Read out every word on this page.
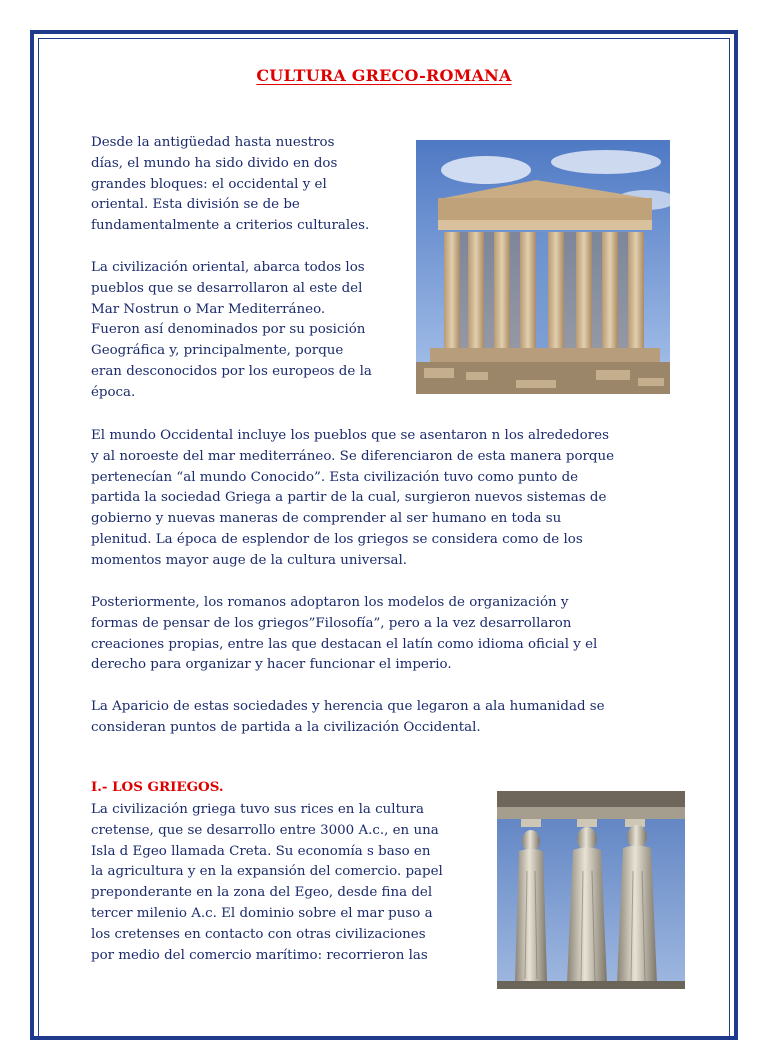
CULTURA GRECO-ROMANA

Desde la antigüedad hasta nuestros
días, el mundo ha sido divido en dos
grandes bloques: el occidental y el
oriental. Esta división se de be
fundamentalmente a criterios culturales.

La civilización oriental, abarca todos los
pueblos que se desarrollaron al este del
Mar Nostrun o Mar Mediterráneo.
Fueron así denominados por su posición
Geográfica y, principalmente, porque
eran desconocidos por los europeos de la
época.

El mundo Occidental incluye los pueblos que se asentaron n los alrededores
y al noroeste del mar mediterráneo. Se diferenciaron de esta manera porque
pertenecían “al mundo Conocido”. Esta civilización tuvo como punto de
partida la sociedad Griega a partir de la cual, surgieron nuevos sistemas de
gobierno y nuevas maneras de comprender al ser humano en toda su
plenitud. La época de esplendor de los griegos se considera como de los
momentos mayor auge de la cultura universal.

Posteriormente, los romanos adoptaron los modelos de organización y
formas de pensar de los griegos”Filosofía”, pero a la vez desarrollaron
creaciones propias, entre las que destacan el latín como idioma oficial y el
derecho para organizar y hacer funcionar el imperio.

La Aparicio de estas sociedades y herencia que legaron a ala humanidad se
consideran puntos de partida a la civilización Occidental.

I.- LOS GRIEGOS.

La civilización griega tuvo sus rices en la cultura
cretense, que se desarrollo entre 3000 A.c., en una
Isla d Egeo llamada Creta. Su economía s baso en
la agricultura y en la expansión del comercio. papel
preponderante en la zona del Egeo, desde fina del
tercer milenio A.c. El dominio sobre el mar puso a
los cretenses en contacto con otras civilizaciones
por medio del comercio marítimo: recorrieron las
